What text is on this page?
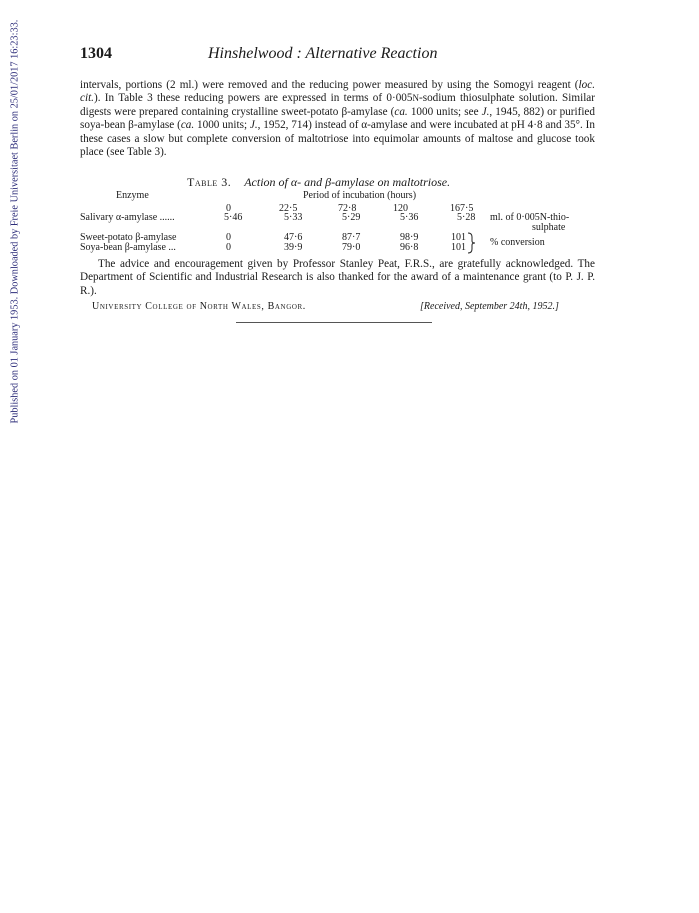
Published on 01 January 1953. Downloaded by Freie Universitaet Berlin on 25/01/2017 16:23:33.	1304	Hinshelwood : Alternative Reaction

intervals, portions (2 ml.) were removed and the reducing power measured by using the Somogyi reagent (loc. cit.). In Table 3 these reducing powers are expressed in terms of 0·005N-sodium thiosulphate solution. Similar digests were prepared containing crystalline sweet-potato β-amylase (ca. 1000 units; see J., 1945, 882) or purified soya-bean β-amylase (ca. 1000 units; J., 1952, 714) instead of α-amylase and were incubated at pH 4·8 and 35°. In these cases a slow but complete conversion of maltotriose into equimolar amounts of maltose and glucose took place (see Table 3).

Table 3. Action of α- and β-amylase on maltotriose.
Enzyme	Period of incubation (hours)
0	22·5	72·8	120	167·5
Salivary α-amylase ......	5·46	5·33	5·29	5·36	5·28 ml. of 0·005N-thio-
sulphate
Sweet-potato β-amylase	0	47·6	87·7	98·9	101
Soya-bean β-amylase ...	0	39·9	79·0	96·8	101 % conversion

The advice and encouragement given by Professor Stanley Peat, F.R.S., are gratefully acknowledged. The Department of Scientific and Industrial Research is also thanked for the award of a maintenance grant (to P. J. P. R.).

University College of North Wales, Bangor.	[Received, September 24th, 1952.]
